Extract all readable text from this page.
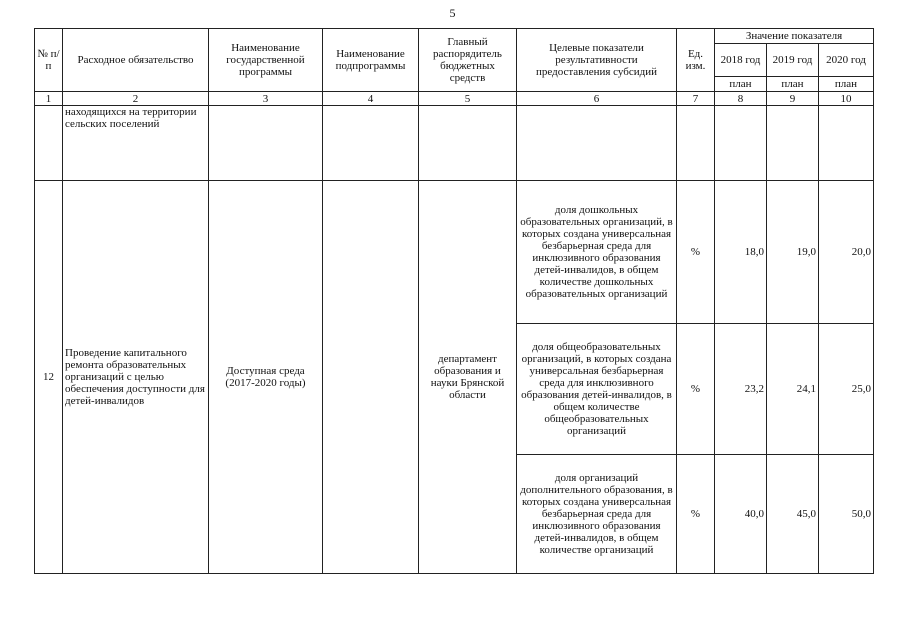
5
№ п/п	Расходное обязательство	Наименование государственной программы	Наименование подпрограммы	Главный распорядитель бюджетных средств	Целевые показатели результативности предоставления субсидий	Ед. изм.	Значение показателя		
							2018 год	2019 год	2020 год
							план	план	план
1	2	3	4	5	6	7	8	9	10
	находящихся на территории сельских поселений								
12	Проведение капитального ремонта образовательных организаций с целью обеспечения доступности для детей-инвалидов	Доступная среда (2017-2020 годы)		департамент образования и науки Брянской области	доля дошкольных образовательных организаций, в которых создана универсальная безбарьерная среда для инклюзивного образования детей-инвалидов, в общем количестве дошкольных образовательных организаций	%	18,0	19,0	20,0
					доля общеобразовательных организаций, в которых создана универсальная безбарьерная среда для инклюзивного образования детей-инвалидов, в общем количестве общеобразовательных организаций	%	23,2	24,1	25,0
					доля организаций дополнительного образования, в которых создана универсальная безбарьерная среда для инклюзивного образования детей-инвалидов, в общем количестве организаций	%	40,0	45,0	50,0
